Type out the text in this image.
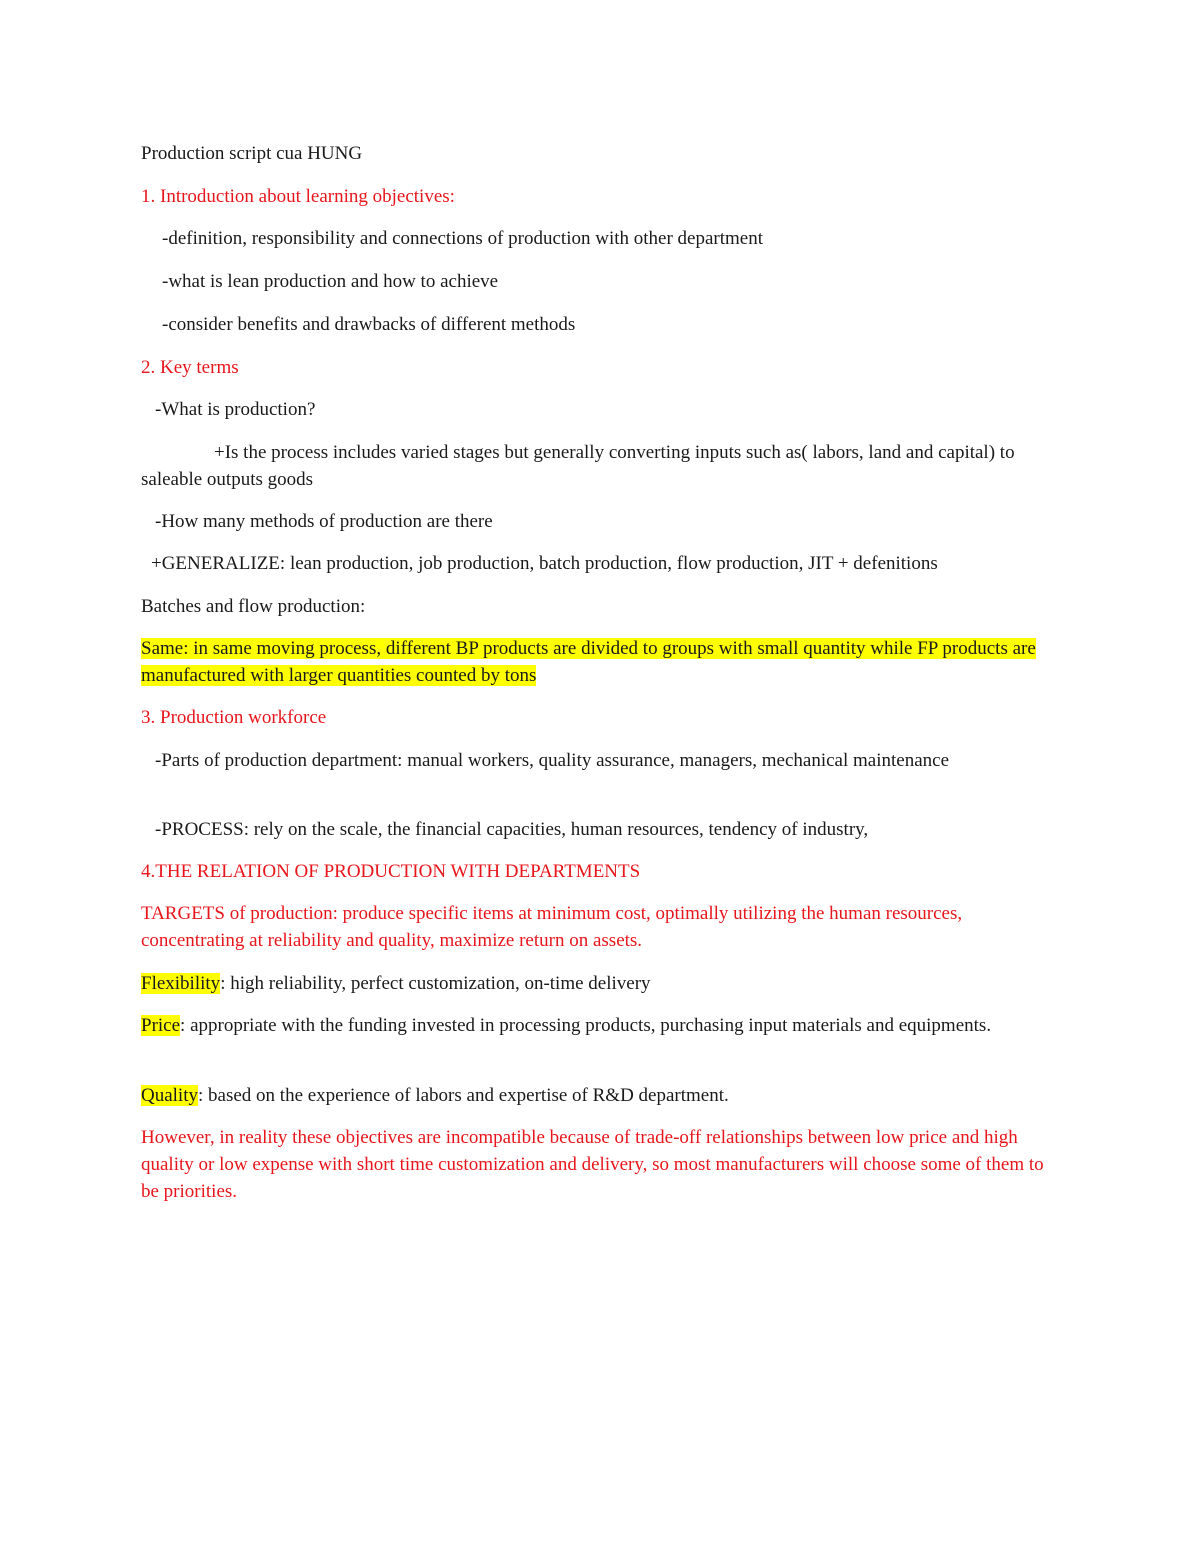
Production script cua HUNG
1. Introduction about learning objectives:
-definition, responsibility and connections of production with other department
-what is lean production and how to achieve
-consider benefits and drawbacks of different methods
2. Key terms
-What is production?
+Is the process includes varied stages but generally converting inputs such as( labors, land and capital) to saleable outputs goods
-How many methods of production are there
+GENERALIZE: lean production, job production, batch production, flow production, JIT + defenitions
Batches and flow production:
Same: in same moving process, different BP products are divided to groups with small quantity while FP products are manufactured with larger quantities counted by tons
3. Production workforce
-Parts of production department: manual workers, quality assurance, managers, mechanical maintenance
-PROCESS: rely on the scale, the financial capacities, human resources, tendency of industry,
4.THE RELATION OF PRODUCTION WITH DEPARTMENTS
TARGETS of production: produce specific items at minimum cost, optimally utilizing the human resources, concentrating at reliability and quality, maximize return on assets.
Flexibility: high reliability, perfect customization, on-time delivery
Price: appropriate with the funding invested in processing products, purchasing input materials and equipments.
Quality: based on the experience of labors and expertise of R&D department.
However, in reality these objectives are incompatible because of trade-off relationships between low price and high quality or low expense with short time customization and delivery, so most manufacturers will choose some of them to be priorities.
